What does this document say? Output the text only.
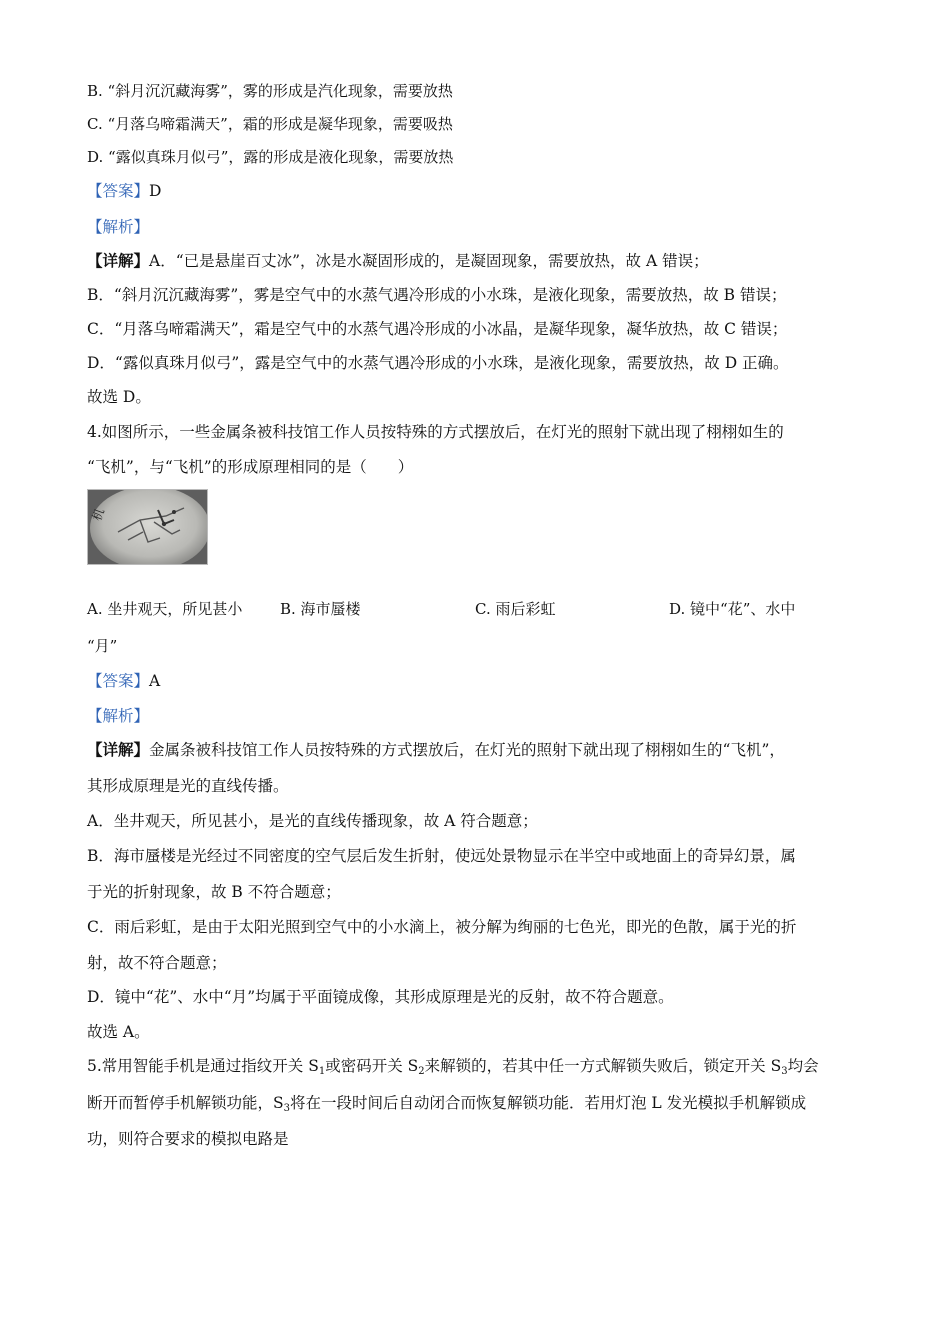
B. “斜月沉沉藏海雾”，雾的形成是汽化现象，需要放热
C. “月落乌啼霜满天”，霜的形成是凝华现象，需要吸热
D. “露似真珠月似弓”，露的形成是液化现象，需要放热
【答案】D
【解析】
【详解】A．“已是悬崖百丈冰”，冰是水凝固形成的，是凝固现象，需要放热，故 A 错误；
B．“斜月沉沉藏海雾”，雾是空气中的水蒸气遇冷形成的小水珠，是液化现象，需要放热，故 B 错误；
C．“月落乌啼霜满天”，霜是空气中的水蒸气遇冷形成的小冰晶，是凝华现象，凝华放热，故 C 错误；
D．“露似真珠月似弓”，露是空气中的水蒸气遇冷形成的小水珠，是液化现象，需要放热，故 D 正确。
故选 D。
4.如图所示，一些金属条被科技馆工作人员按特殊的方式摆放后，在灯光的照射下就出现了栩栩如生的
“飞机”，与“飞机”的形成原理相同的是（　　）
机
A. 坐井观天，所见甚小	B. 海市蜃楼	C. 雨后彩虹	D. 镜中“花”、水中
“月”
【答案】A
【解析】
【详解】金属条被科技馆工作人员按特殊的方式摆放后，在灯光的照射下就出现了栩栩如生的“飞机”，
其形成原理是光的直线传播。
A．坐井观天，所见甚小，是光的直线传播现象，故 A 符合题意；
B．海市蜃楼是光经过不同密度的空气层后发生折射，使远处景物显示在半空中或地面上的奇异幻景，属
于光的折射现象，故 B 不符合题意；
C．雨后彩虹，是由于太阳光照到空气中的小水滴上，被分解为绚丽的七色光，即光的色散，属于光的折
射，故不符合题意；
D．镜中“花”、水中“月”均属于平面镜成像，其形成原理是光的反射，故不符合题意。
故选 A。
5.常用智能手机是通过指纹开关 $S_1$或密码开关 $S_2$来解锁的，若其中任一方式解锁失败后，锁定开关 $S_3$均会
断开而暂停手机解锁功能，$S_3$将在一段时间后自动闭合而恢复解锁功能．若用灯泡 L 发光模拟手机解锁成
功，则符合要求的模拟电路是
